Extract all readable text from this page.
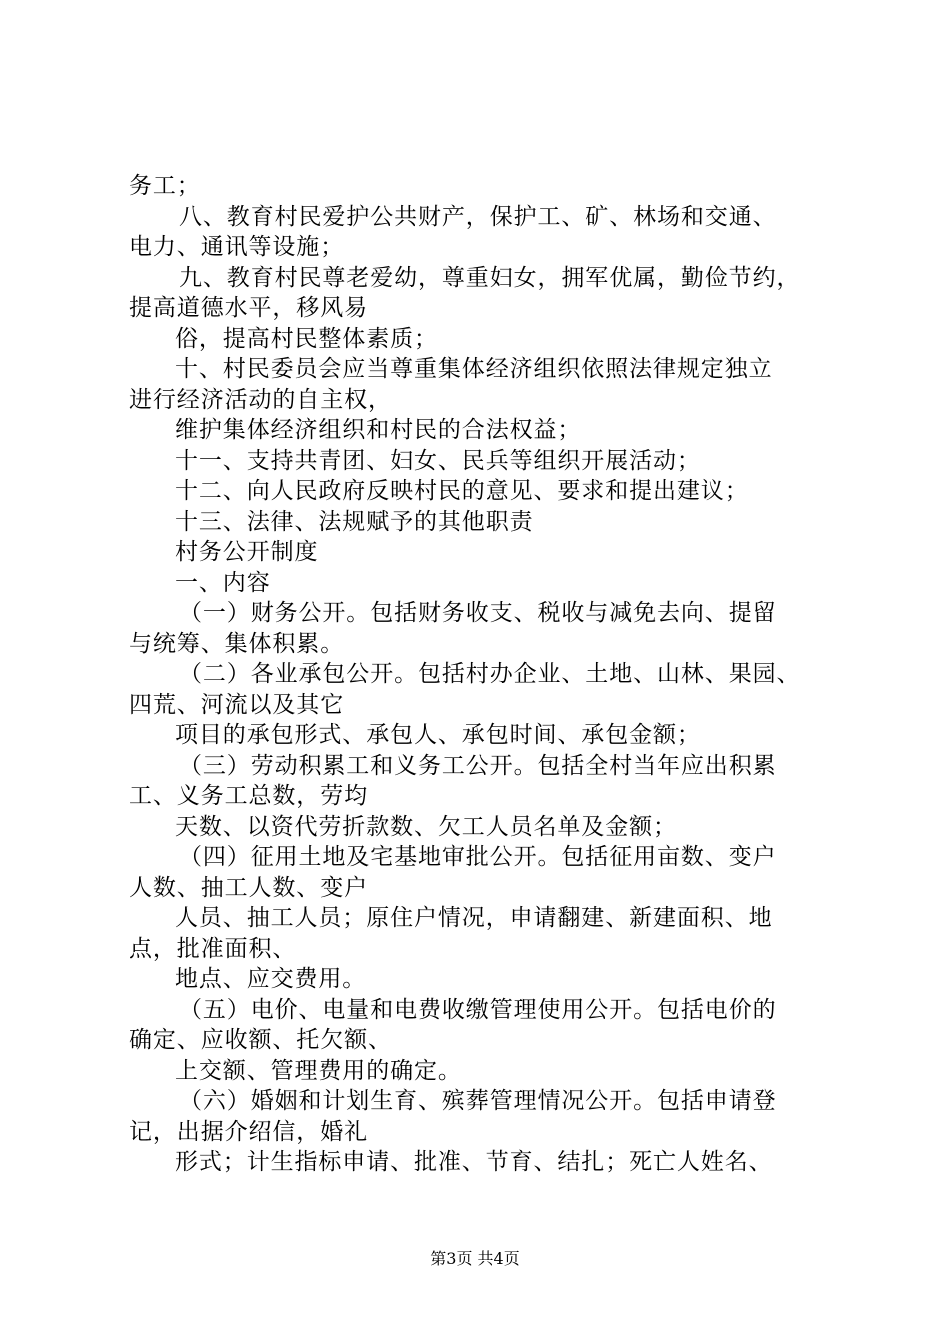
务工；
八、教育村民爱护公共财产，保护工、矿、林场和交通、
电力、通讯等设施；
九、教育村民尊老爱幼，尊重妇女，拥军优属，勤俭节约，
提高道德水平，移风易
俗，提高村民整体素质；
十、村民委员会应当尊重集体经济组织依照法律规定独立
进行经济活动的自主权，
维护集体经济组织和村民的合法权益；
十一、支持共青团、妇女、民兵等组织开展活动；
十二、向人民政府反映村民的意见、要求和提出建议；
十三、法律、法规赋予的其他职责
村务公开制度
一、内容
（一）财务公开。包括财务收支、税收与减免去向、提留
与统筹、集体积累。
（二）各业承包公开。包括村办企业、土地、山林、果园、
四荒、河流以及其它
项目的承包形式、承包人、承包时间、承包金额；
（三）劳动积累工和义务工公开。包括全村当年应出积累
工、义务工总数，劳均
天数、以资代劳折款数、欠工人员名单及金额；
（四）征用土地及宅基地审批公开。包括征用亩数、变户
人数、抽工人数、变户
人员、抽工人员；原住户情况，申请翻建、新建面积、地
点，批准面积、
地点、应交费用。
（五）电价、电量和电费收缴管理使用公开。包括电价的
确定、应收额、托欠额、
上交额、管理费用的确定。
（六）婚姻和计划生育、殡葬管理情况公开。包括申请登
记，出据介绍信，婚礼
形式；计生指标申请、批准、节育、结扎；死亡人姓名、
第3页 共4页
